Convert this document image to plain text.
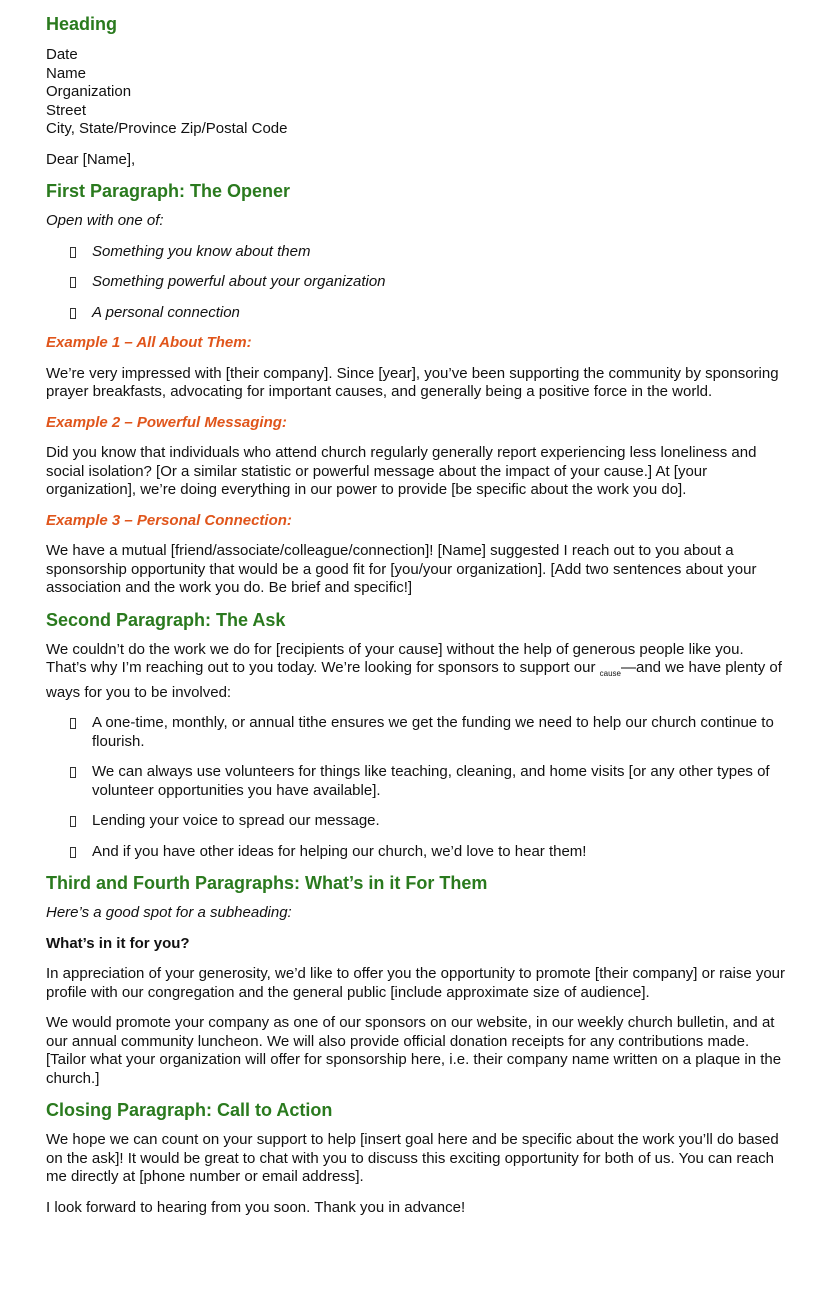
Heading

Date
Name
Organization
Street
City, State/Province Zip/Postal Code

Dear [Name],

First Paragraph: The Opener

Open with one of:

Something you know about them
Something powerful about your organization
A personal connection

Example 1 – All About Them:

We’re very impressed with [their company]. Since [year], you’ve been supporting the community by sponsoring prayer breakfasts, advocating for important causes, and generally being a positive force in the world.

Example 2 – Powerful Messaging:

Did you know that individuals who attend church regularly generally report experiencing less loneliness and social isolation? [Or a similar statistic or powerful message about the impact of your cause.] At [your organization], we’re doing everything in our power to provide [be specific about the work you do].

Example 3 – Personal Connection:

We have a mutual [friend/associate/colleague/connection]! [Name] suggested I reach out to you about a sponsorship opportunity that would be a good fit for [you/your organization]. [Add two sentences about your association and the work you do. Be brief and specific!]

Second Paragraph: The Ask

We couldn’t do the work we do for [recipients of your cause] without the help of generous people like you. That’s why I’m reaching out to you today. We’re looking for sponsors to support our $_{cause}$—and we have plenty of ways for you to be involved:

A one-time, monthly, or annual tithe ensures we get the funding we need to help our church continue to flourish.
We can always use volunteers for things like teaching, cleaning, and home visits [or any other types of volunteer opportunities you have available].
Lending your voice to spread our message.
And if you have other ideas for helping our church, we’d love to hear them!
Third and Fourth Paragraphs: What’s in it For Them

Here’s a good spot for a subheading:

What’s in it for you?

In appreciation of your generosity, we’d like to offer you the opportunity to promote [their company] or raise your profile with our congregation and the general public [include approximate size of audience].

We would promote your company as one of our sponsors on our website, in our weekly church bulletin, and at our annual community luncheon. We will also provide official donation receipts for any contributions made. [Tailor what your organization will offer for sponsorship here, i.e. their company name written on a plaque in the church.]

Closing Paragraph: Call to Action

We hope we can count on your support to help [insert goal here and be specific about the work you’ll do based on the ask]! It would be great to chat with you to discuss this exciting opportunity for both of us. You can reach me directly at [phone number or email address].

I look forward to hearing from you soon. Thank you in advance!
